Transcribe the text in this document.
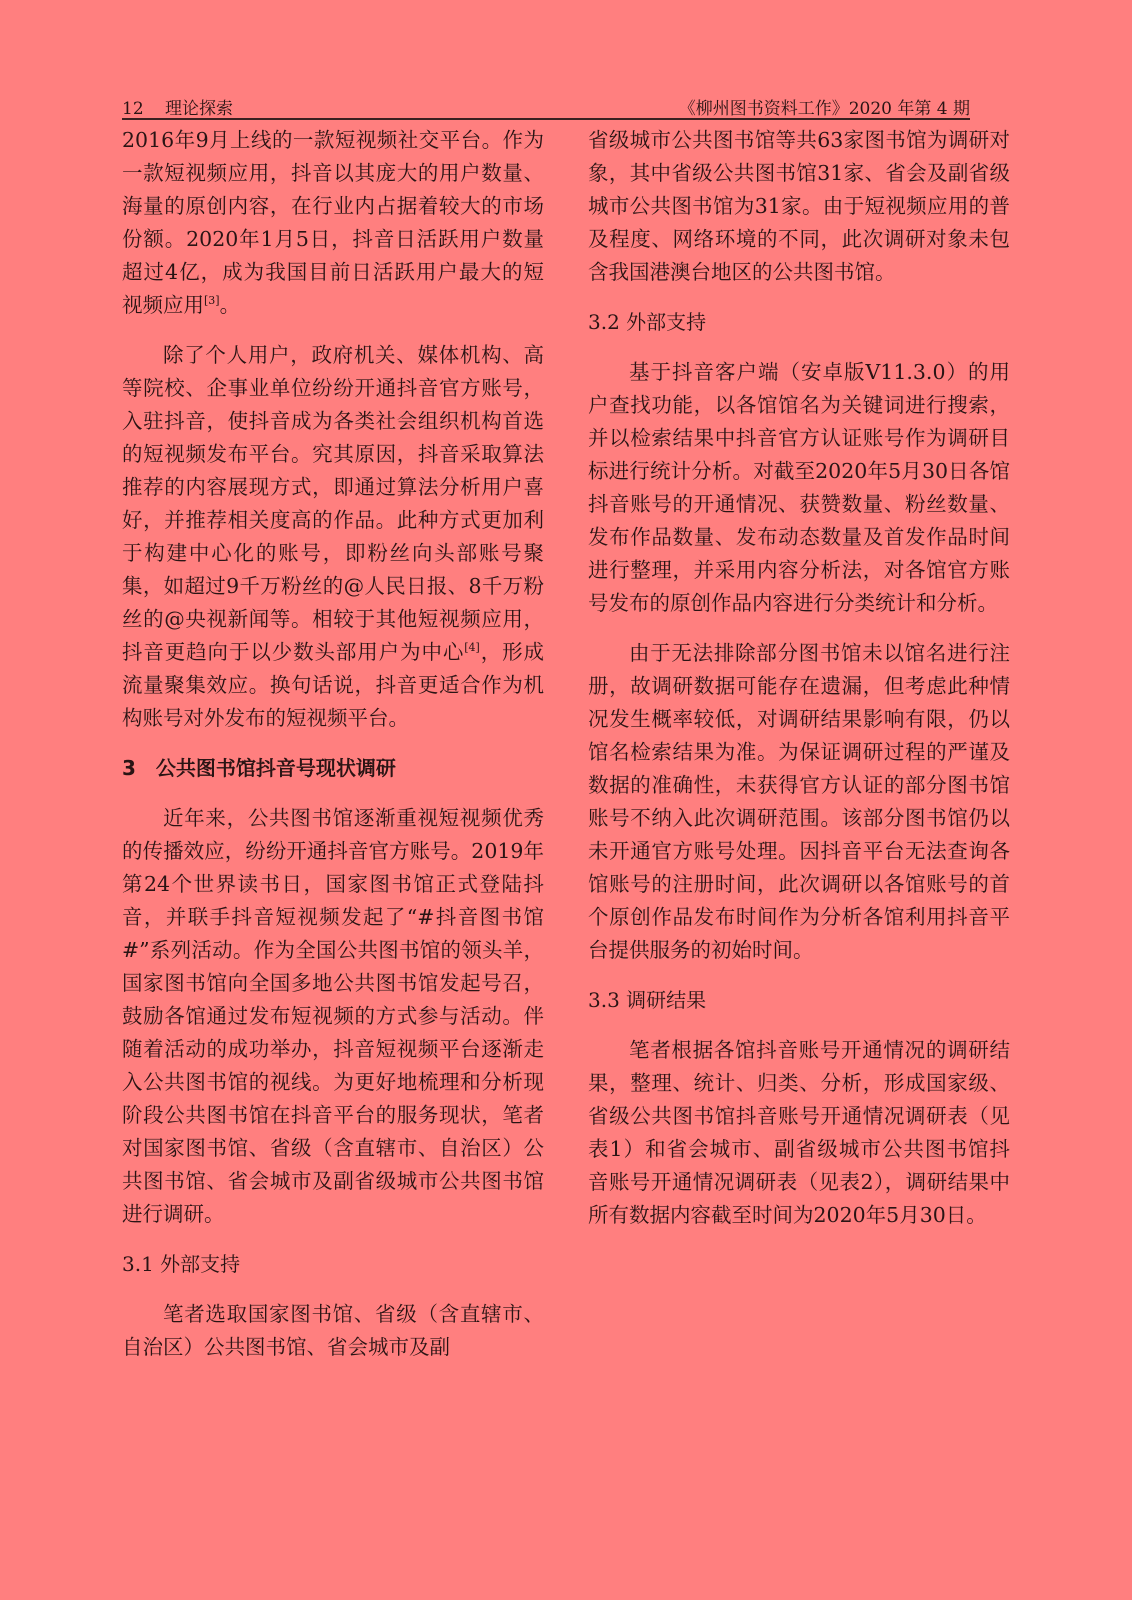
12 理论探索	《柳州图书资料工作》2020 年第 4 期

2016年9月上线的一款短视频社交平台。作为一款短视频应用，抖音以其庞大的用户数量、海量的原创内容，在行业内占据着较大的市场份额。2020年1月5日，抖音日活跃用户数量超过4亿，成为我国目前日活跃用户最大的短视频应用[3]。

除了个人用户，政府机关、媒体机构、高等院校、企事业单位纷纷开通抖音官方账号，入驻抖音，使抖音成为各类社会组织机构首选的短视频发布平台。究其原因，抖音采取算法推荐的内容展现方式，即通过算法分析用户喜好，并推荐相关度高的作品。此种方式更加利于构建中心化的账号，即粉丝向头部账号聚集，如超过9千万粉丝的@人民日报、8千万粉丝的@央视新闻等。相较于其他短视频应用，抖音更趋向于以少数头部用户为中心[4]，形成流量聚集效应。换句话说，抖音更适合作为机构账号对外发布的短视频平台。

3　公共图书馆抖音号现状调研

近年来，公共图书馆逐渐重视短视频优秀的传播效应，纷纷开通抖音官方账号。2019年第24个世界读书日，国家图书馆正式登陆抖音，并联手抖音短视频发起了“#抖音图书馆#”系列活动。作为全国公共图书馆的领头羊，国家图书馆向全国多地公共图书馆发起号召，鼓励各馆通过发布短视频的方式参与活动。伴随着活动的成功举办，抖音短视频平台逐渐走入公共图书馆的视线。为更好地梳理和分析现阶段公共图书馆在抖音平台的服务现状，笔者对国家图书馆、省级（含直辖市、自治区）公共图书馆、省会城市及副省级城市公共图书馆进行调研。

3.1 外部支持

笔者选取国家图书馆、省级（含直辖市、自治区）公共图书馆、省会城市及副

省级城市公共图书馆等共63家图书馆为调研对象，其中省级公共图书馆31家、省会及副省级城市公共图书馆为31家。由于短视频应用的普及程度、网络环境的不同，此次调研对象未包含我国港澳台地区的公共图书馆。

3.2 外部支持

基于抖音客户端（安卓版V11.3.0）的用户查找功能，以各馆馆名为关键词进行搜索，并以检索结果中抖音官方认证账号作为调研目标进行统计分析。对截至2020年5月30日各馆抖音账号的开通情况、获赞数量、粉丝数量、发布作品数量、发布动态数量及首发作品时间进行整理，并采用内容分析法，对各馆官方账号发布的原创作品内容进行分类统计和分析。

由于无法排除部分图书馆未以馆名进行注册，故调研数据可能存在遗漏，但考虑此种情况发生概率较低，对调研结果影响有限，仍以馆名检索结果为准。为保证调研过程的严谨及数据的准确性，未获得官方认证的部分图书馆账号不纳入此次调研范围。该部分图书馆仍以未开通官方账号处理。因抖音平台无法查询各馆账号的注册时间，此次调研以各馆账号的首个原创作品发布时间作为分析各馆利用抖音平台提供服务的初始时间。

3.3 调研结果

笔者根据各馆抖音账号开通情况的调研结果，整理、统计、归类、分析，形成国家级、省级公共图书馆抖音账号开通情况调研表（见表1）和省会城市、副省级城市公共图书馆抖音账号开通情况调研表（见表2），调研结果中所有数据内容截至时间为2020年5月30日。
